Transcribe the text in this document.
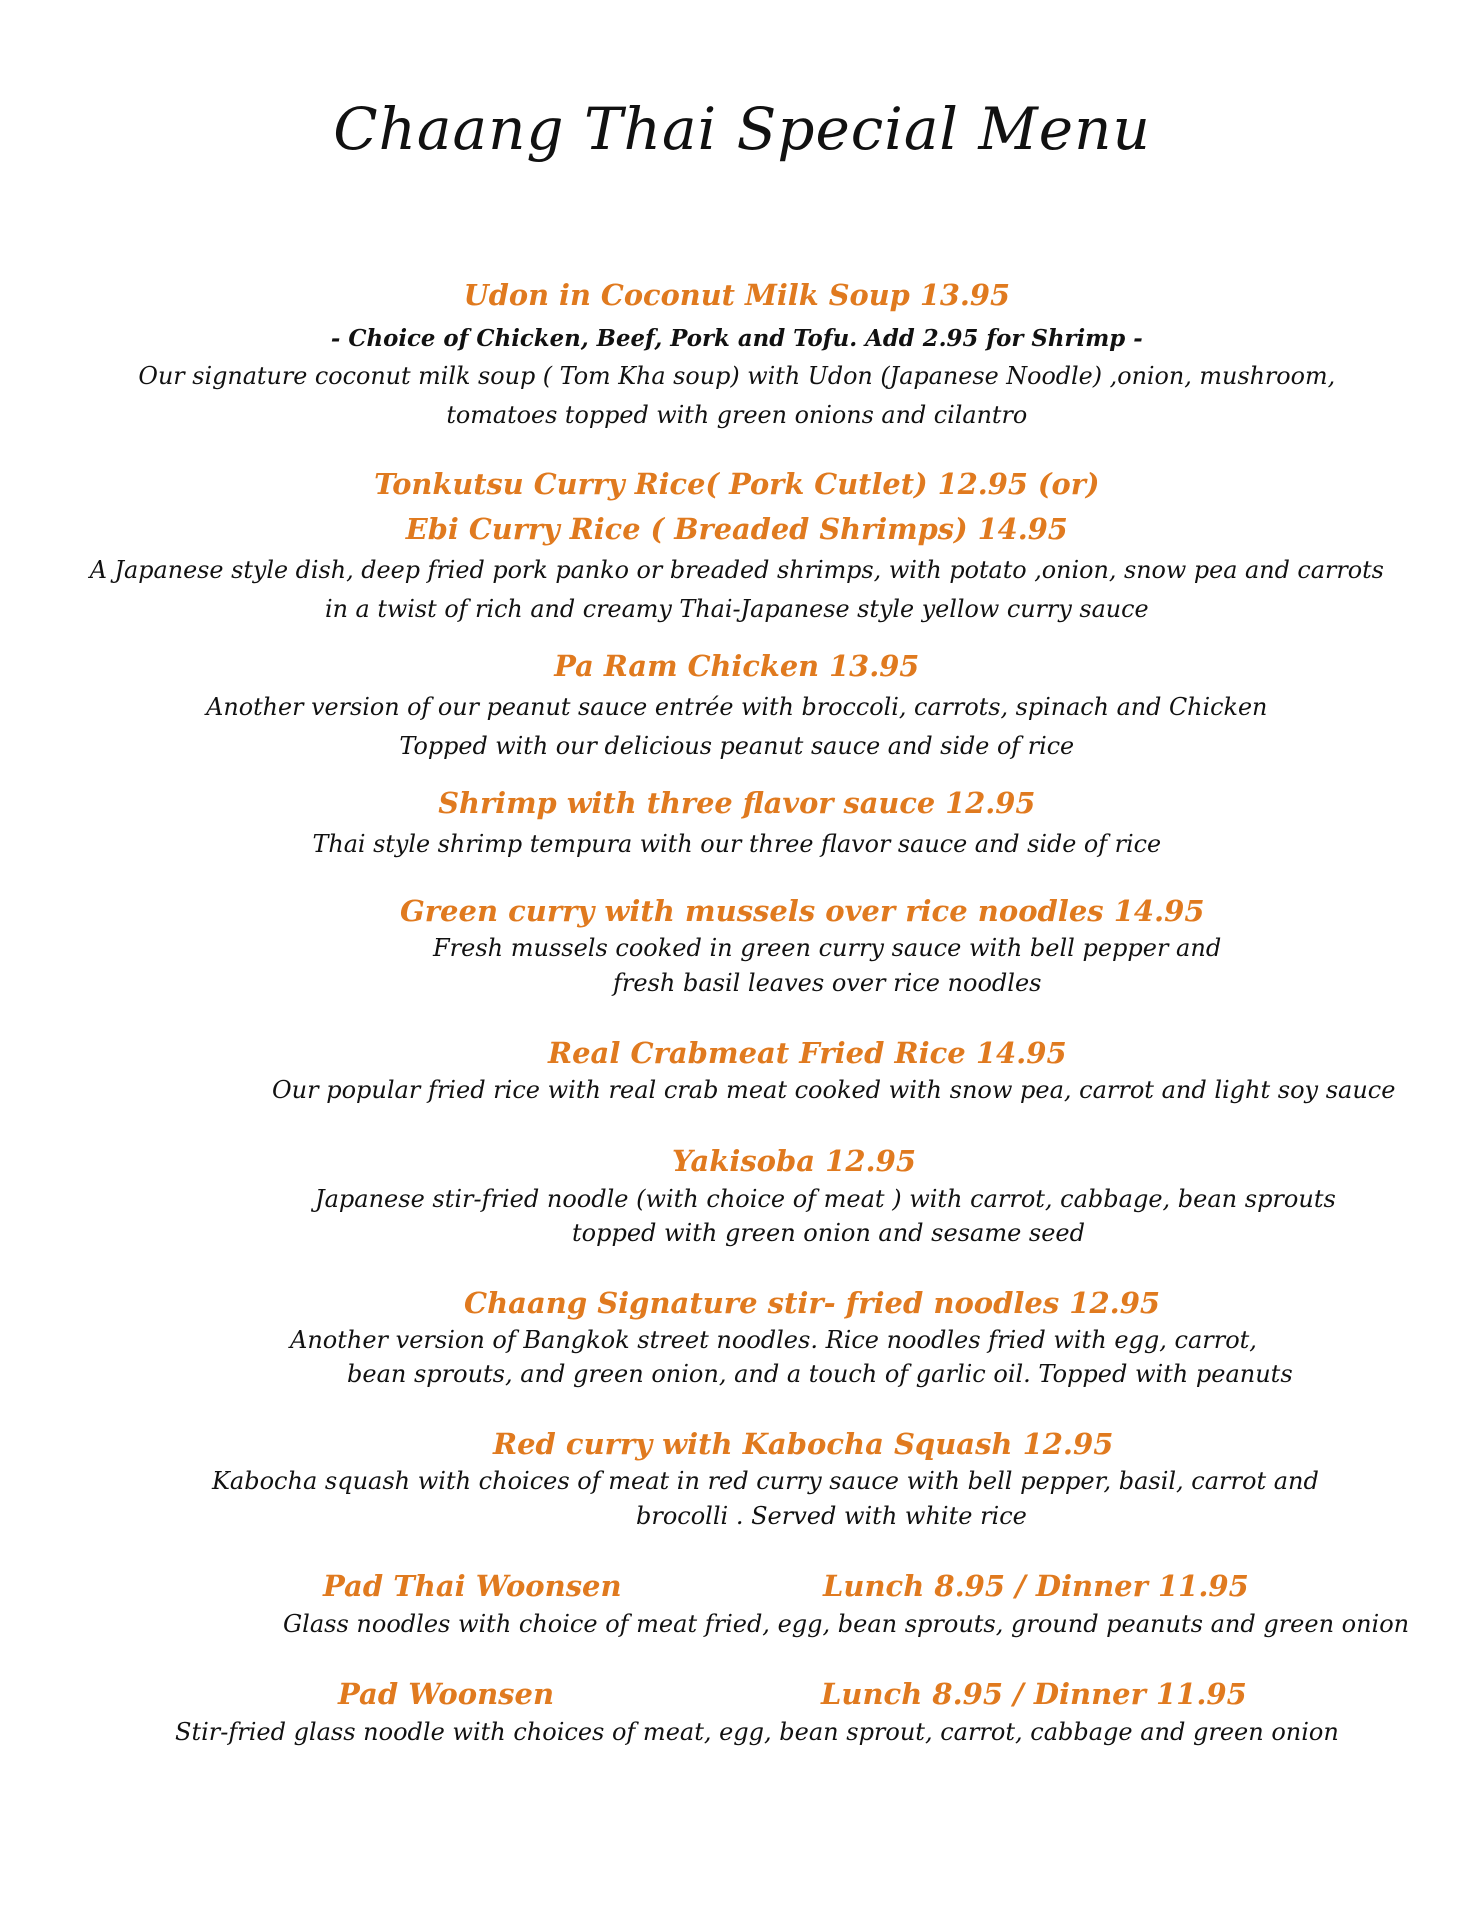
Chaang Thai Special Menu
Udon in Coconut Milk Soup 13.95
- Choice of Chicken, Beef, Pork and Tofu. Add 2.95 for Shrimp -
Our signature coconut milk soup ( Tom Kha soup) with Udon (Japanese Noodle) ,onion, mushroom,
tomatoes topped with green onions and cilantro
Tonkutsu Curry Rice( Pork Cutlet) 12.95 (or)
Ebi Curry Rice ( Breaded Shrimps) 14.95
A Japanese style dish, deep fried pork panko or breaded shrimps, with potato ,onion, snow pea and carrots
in a twist of rich and creamy Thai-Japanese style yellow curry sauce
Pa Ram Chicken 13.95
Another version of our peanut sauce entrée with broccoli, carrots, spinach and Chicken
Topped with our delicious peanut sauce and side of rice
Shrimp with three flavor sauce 12.95
Thai style shrimp tempura with our three flavor sauce and side of rice
Green curry with mussels over rice noodles 14.95
Fresh mussels cooked in green curry sauce with bell pepper and
fresh basil leaves over rice noodles
Real Crabmeat Fried Rice 14.95
Our popular fried rice with real crab meat cooked with snow pea, carrot and light soy sauce
Yakisoba 12.95
Japanese stir-fried noodle (with choice of meat ) with carrot, cabbage, bean sprouts
topped with green onion and sesame seed
Chaang Signature stir- fried noodles 12.95
Another version of Bangkok street noodles. Rice noodles fried with egg, carrot,
bean sprouts, and green onion, and a touch of garlic oil. Topped with peanuts
Red curry with Kabocha Squash 12.95
Kabocha squash with choices of meat in red curry sauce with bell pepper, basil, carrot and
brocolli . Served with white rice
Pad Thai Woonsen	Lunch 8.95 / Dinner 11.95
Glass noodles with choice of meat fried, egg, bean sprouts, ground peanuts and green onion
Pad Woonsen	Lunch 8.95 / Dinner 11.95
Stir-fried glass noodle with choices of meat, egg, bean sprout, carrot, cabbage and green onion
